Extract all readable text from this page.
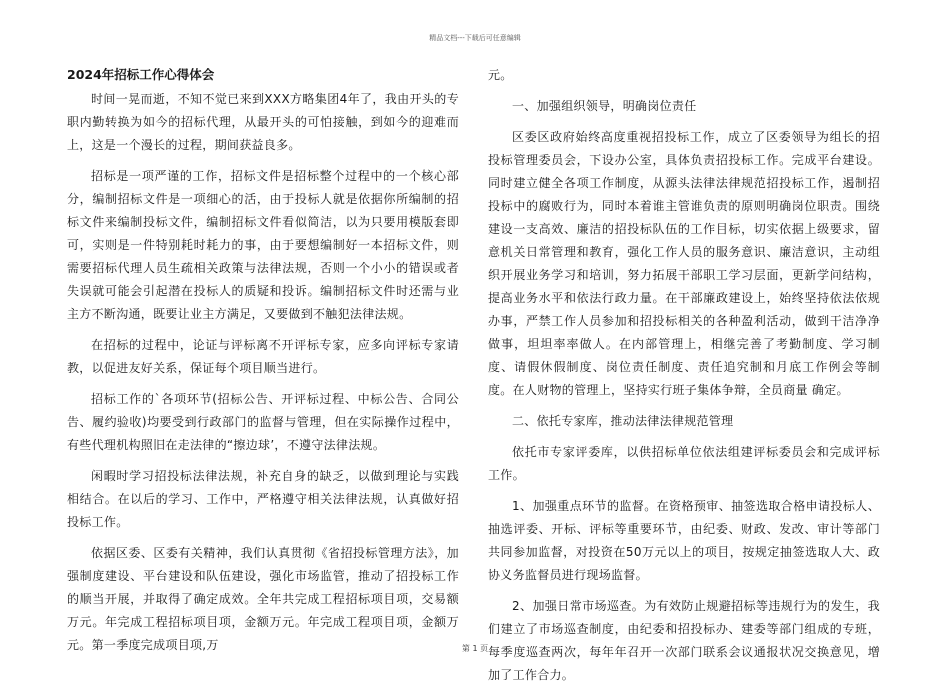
精品文档---下载后可任意编辑
2024年招标工作心得体会

时间一晃而逝，不知不觉已来到XXX方略集团4年了，我由开头的专职内勤转换为如今的招标代理，从最开头的可怕接触，到如今的迎难而上，这是一个漫长的过程，期间获益良多。

招标是一项严谨的工作，招标文件是招标整个过程中的一个核心部分，编制招标文件是一项细心的活，由于投标人就是依据你所编制的招标文件来编制投标文件，编制招标文件看似简洁，以为只要用模版套即可，实则是一件特别耗时耗力的事，由于要想编制好一本招标文件，则需要招标代理人员生疏相关政策与法律法规，否则一个小小的错误或者失误就可能会引起潜在投标人的质疑和投诉。编制招标文件时还需与业主方不断沟通，既要让业主方满足，又要做到不触犯法律法规。

在招标的过程中，论证与评标离不开评标专家，应多向评标专家请教，以促进友好关系，保证每个项目顺当进行。

招标工作的`各项环节(招标公告、开评标过程、中标公告、合同公告、履约验收)均要受到行政部门的监督与管理，但在实际操作过程中，有些代理机构照旧在走法律的“擦边球’，不遵守法律法规。

闲暇时学习招投标法律法规，补充自身的缺乏，以做到理论与实践相结合。在以后的学习、工作中，严格遵守相关法律法规，认真做好招投标工作。

依据区委、区委有关精神，我们认真贯彻《省招投标管理方法》，加强制度建设、平台建设和队伍建设，强化市场监管，推动了招投标工作的顺当开展，并取得了确定成效。全年共完成工程招标项目项，交易额万元。年完成工程招标项目项，金额万元。年完成工程项目项，金额万元。第一季度完成项目项,万

元。

一、加强组织领导，明确岗位责任

区委区政府始终高度重视招投标工作，成立了区委领导为组长的招投标管理委员会，下设办公室，具体负责招投标工作。完成平台建设。同时建立健全各项工作制度，从源头法律法律规范招投标工作，遏制招投标中的腐败行为，同时本着谁主管谁负责的原则明确岗位职责。围绕建设一支高效、廉洁的招投标队伍的工作目标，切实依据上级要求，留意机关日常管理和教育，强化工作人员的服务意识、廉洁意识，主动组织开展业务学习和培训，努力拓展干部职工学习层面，更新学问结构，提高业务水平和依法行政力量。在干部廉政建设上，始终坚持依法依规办事，严禁工作人员参加和招投标相关的各种盈利活动，做到干洁净净做事，坦坦率率做人。在内部管理上，相继完善了考勤制度、学习制度、请假休假制度、岗位责任制度、责任追究制和月底工作例会等制度。在人财物的管理上，坚持实行班子集体争辩，全员商量 确定。

二、依托专家库，推动法律法律规范管理

依托市专家评委库，以供招标单位依法组建评标委员会和完成评标工作。

1、加强重点环节的监督。在资格预审、抽签选取合格申请投标人、抽选评委、开标、评标等重要环节，由纪委、财政、发改、审计等部门共同参加监督，对投资在50万元以上的项目，按规定抽签选取人大、政协义务监督员进行现场监督。

2、加强日常市场巡查。为有效防止规避招标等违规行为的发生，我们建立了市场巡查制度，由纪委和招投标办、建委等部门组成的专班，每季度巡查两次，每年年召开一次部门联系会议通报状况交换意见，增加了工作合力。

第 1 页
